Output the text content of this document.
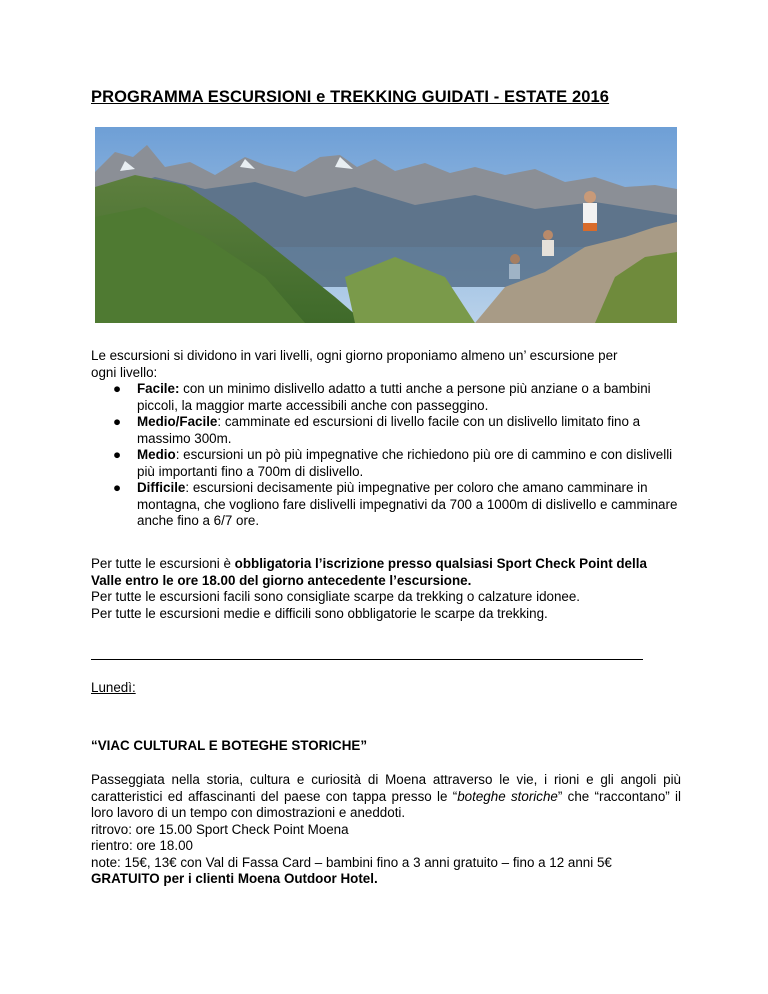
PROGRAMMA ESCURSIONI e TREKKING GUIDATI - ESTATE 2016
Le escursioni si dividono in vari livelli, ogni giorno proponiamo almeno un’ escursione per
ogni livello:
● Facile: con un minimo dislivello adatto a tutti anche a persone più anziane o a bambini piccoli, la maggior marte accessibili anche con passeggino.
● Medio/Facile: camminate ed escursioni di livello facile con un dislivello limitato fino a massimo 300m.
● Medio: escursioni un pò più impegnative che richiedono più ore di cammino e con dislivelli più importanti fino a 700m di dislivello.
● Difficile: escursioni decisamente più impegnative per coloro che amano camminare in montagna, che vogliono fare dislivelli impegnativi da 700 a 1000m di dislivello e camminare anche fino a 6/7 ore.
Per tutte le escursioni è obbligatoria l’iscrizione presso qualsiasi Sport Check Point della Valle entro le ore 18.00 del giorno antecedente l’escursione.
Per tutte le escursioni facili sono consigliate scarpe da trekking o calzature idonee.
Per tutte le escursioni medie e difficili sono obbligatorie le scarpe da trekking.
Lunedì:
“VIAC CULTURAL E BOTEGHE STORICHE”
Passeggiata nella storia, cultura e curiosità di Moena attraverso le vie, i rioni e gli angoli più caratteristici ed affascinanti del paese con tappa presso le “boteghe storiche” che “raccontano” il loro lavoro di un tempo con dimostrazioni e aneddoti.
ritrovo: ore 15.00 Sport Check Point Moena
rientro: ore 18.00
note: 15€, 13€ con Val di Fassa Card – bambini fino a 3 anni gratuito – fino a 12 anni 5€
GRATUITO per i clienti Moena Outdoor Hotel.
